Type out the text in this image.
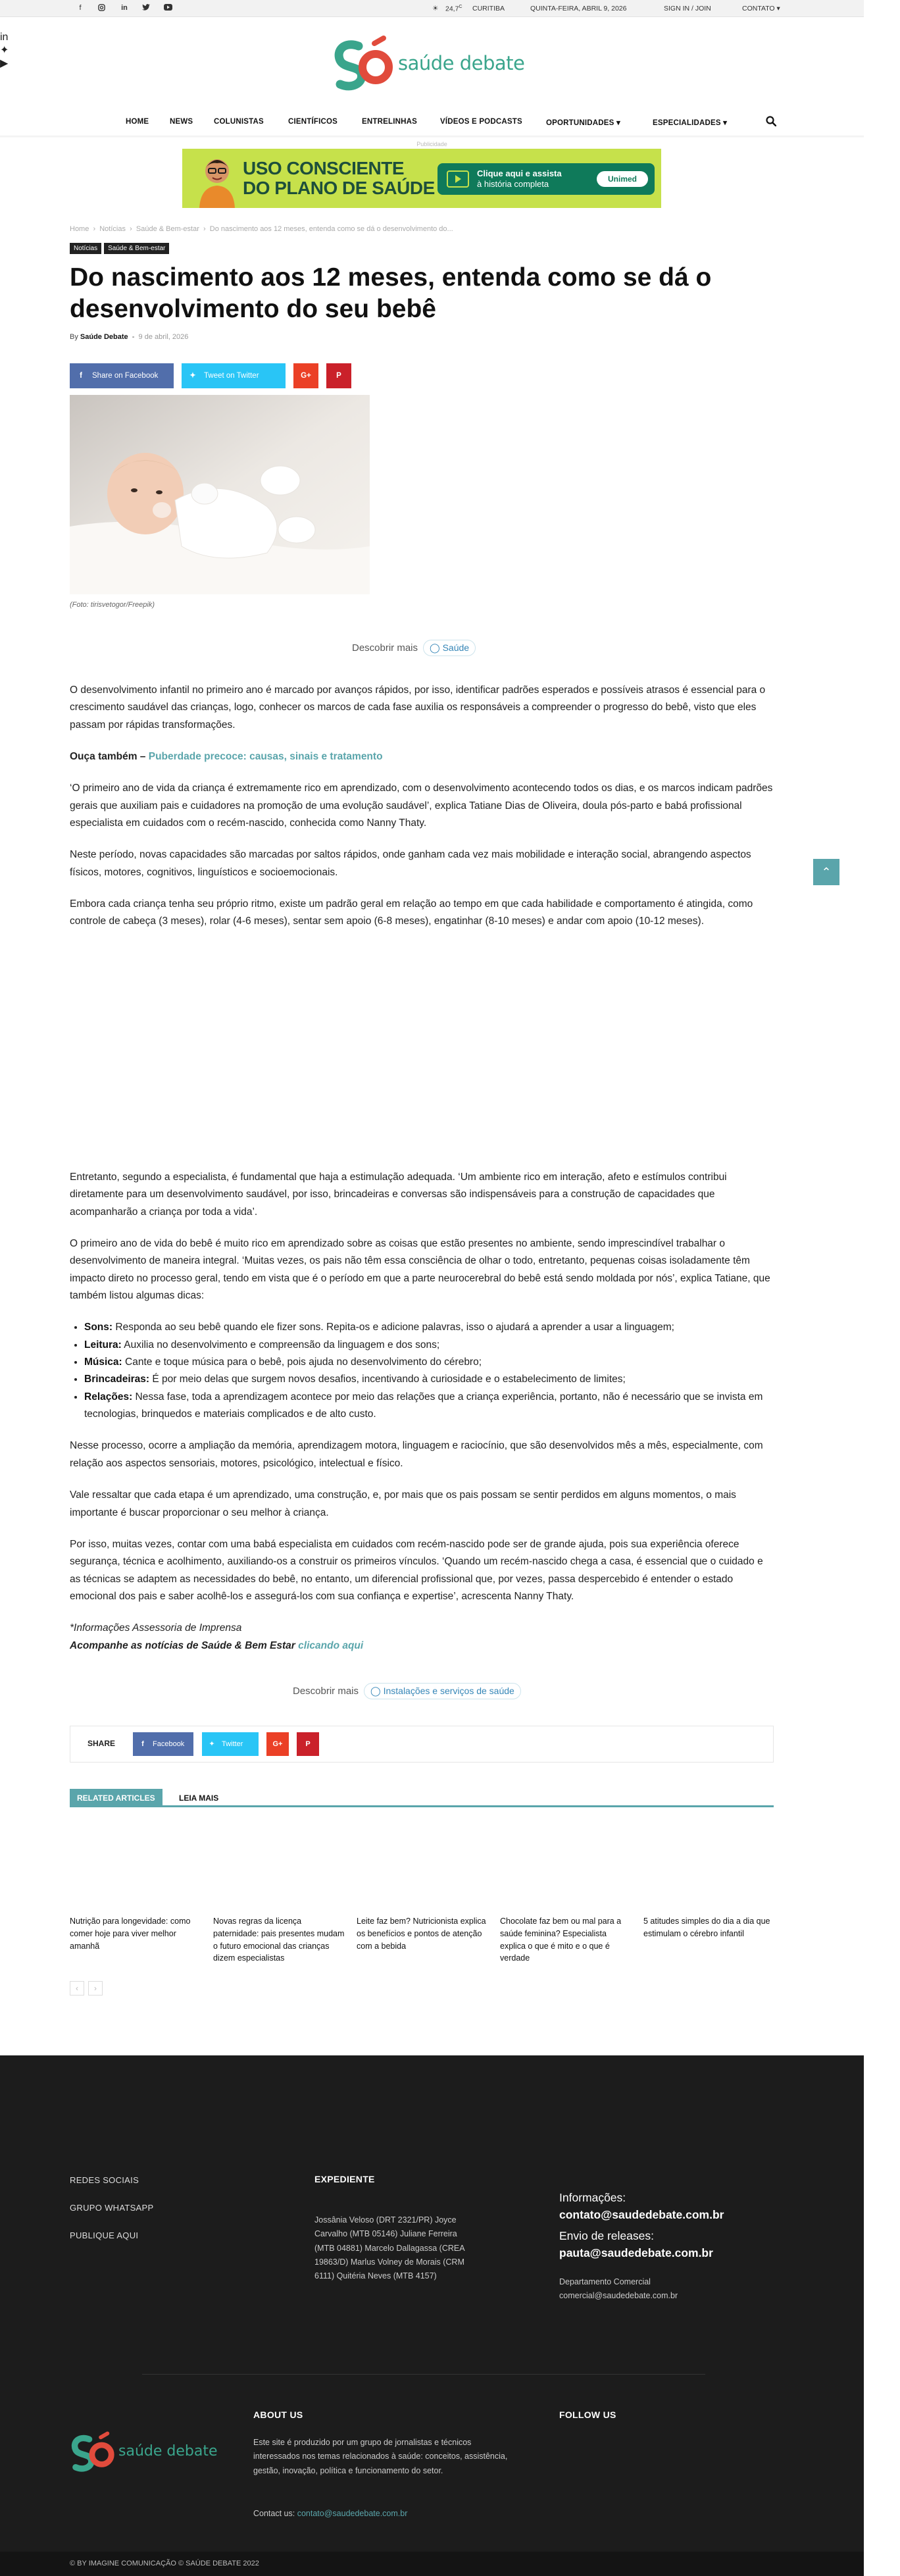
f	in	☀ $24,7^C$ CURITIBA	QUINTA-FEIRA, ABRIL 9, 2026	SIGN IN / JOIN	CONTATO ▾
saúde debate
HOME	NEWS	COLUNISTAS	CIENTÍFICOS	ENTRELINHAS	VÍDEOS E PODCASTS	OPORTUNIDADES ▾	ESPECIALIDADES ▾
Publicidade
USO CONSCIENTE
DO PLANO DE SAÚDE
Clique aqui e assista
à história completa
Unimed
Home  ›  Notícias  ›  Saúde & Bem-estar  ›  Do nascimento aos 12 meses, entenda como se dá o desenvolvimento do...
Notícias Saúde & Bem-estar
Do nascimento aos 12 meses, entenda como se dá o desenvolvimento do seu bebê
By Saúde Debate  -  9 de abril, 2026
f Share on Facebook	✦ Tweet on Twitter	G+	P
(Foto: tirisvetogor/Freepik)
Descobrir mais ◯ Saúde

O desenvolvimento infantil no primeiro ano é marcado por avanços rápidos, por isso, identificar padrões esperados e possíveis atrasos é essencial para o crescimento saudável das crianças, logo, conhecer os marcos de cada fase auxilia os responsáveis a compreender o progresso do bebê, visto que eles passam por rápidas transformações.

Ouça também – Puberdade precoce: causas, sinais e tratamento

‘O primeiro ano de vida da criança é extremamente rico em aprendizado, com o desenvolvimento acontecendo todos os dias, e os marcos indicam padrões gerais que auxiliam pais e cuidadores na promoção de uma evolução saudável’, explica Tatiane Dias de Oliveira, doula pós-parto e babá profissional especialista em cuidados com o recém-nascido, conhecida como Nanny Thaty.

Neste período, novas capacidades são marcadas por saltos rápidos, onde ganham cada vez mais mobilidade e interação social, abrangendo aspectos físicos, motores, cognitivos, linguísticos e socioemocionais.

Embora cada criança tenha seu próprio ritmo, existe um padrão geral em relação ao tempo em que cada habilidade e comportamento é atingida, como controle de cabeça (3 meses), rolar (4-6 meses), sentar sem apoio (6-8 meses), engatinhar (8-10 meses) e andar com apoio (10-12 meses).

Entretanto, segundo a especialista, é fundamental que haja a estimulação adequada. ‘Um ambiente rico em interação, afeto e estímulos contribui diretamente para um desenvolvimento saudável, por isso, brincadeiras e conversas são indispensáveis para a construção de capacidades que acompanharão a criança por toda a vida’.

O primeiro ano de vida do bebê é muito rico em aprendizado sobre as coisas que estão presentes no ambiente, sendo imprescindível trabalhar o desenvolvimento de maneira integral. ‘Muitas vezes, os pais não têm essa consciência de olhar o todo, entretanto, pequenas coisas isoladamente têm impacto direto no processo geral, tendo em vista que é o período em que a parte neurocerebral do bebê está sendo moldada por nós’, explica Tatiane, que também listou algumas dicas:

• Sons: Responda ao seu bebê quando ele fizer sons. Repita-os e adicione palavras, isso o ajudará a aprender a usar a linguagem;
• Leitura: Auxilia no desenvolvimento e compreensão da linguagem e dos sons;
• Música: Cante e toque música para o bebê, pois ajuda no desenvolvimento do cérebro;
• Brincadeiras: É por meio delas que surgem novos desafios, incentivando à curiosidade e o estabelecimento de limites;
• Relações: Nessa fase, toda a aprendizagem acontece por meio das relações que a criança experiência, portanto, não é necessário que se invista em tecnologias, brinquedos e materiais complicados e de alto custo.

Nesse processo, ocorre a ampliação da memória, aprendizagem motora, linguagem e raciocínio, que são desenvolvidos mês a mês, especialmente, com relação aos aspectos sensoriais, motores, psicológico, intelectual e físico.

Vale ressaltar que cada etapa é um aprendizado, uma construção, e, por mais que os pais possam se sentir perdidos em alguns momentos, o mais importante é buscar proporcionar o seu melhor à criança.

Por isso, muitas vezes, contar com uma babá especialista em cuidados com recém-nascido pode ser de grande ajuda, pois sua experiência oferece segurança, técnica e acolhimento, auxiliando-os a construir os primeiros vínculos. ‘Quando um recém-nascido chega a casa, é essencial que o cuidado e as técnicas se adaptem as necessidades do bebê, no entanto, um diferencial profissional que, por vezes, passa despercebido é entender o estado emocional dos pais e saber acolhê-los e assegurá-los com sua confiança e expertise’, acrescenta Nanny Thaty.

*Informações Assessoria de Imprensa
Acompanhe as notícias de Saúde & Bem Estar clicando aqui
Descobrir mais ◯ Instalações e serviços de saúde
SHARE	f Facebook	✦ Twitter	G+	P
RELATED ARTICLES	LEIA MAIS
Nutrição para longevidade: como comer hoje para viver melhor amanhã
Novas regras da licença paternidade: pais presentes mudam o futuro emocional das crianças dizem especialistas
Leite faz bem? Nutricionista explica os benefícios e pontos de atenção com a bebida
Chocolate faz bem ou mal para a saúde feminina? Especialista explica o que é mito e o que é verdade
5 atitudes simples do dia a dia que estimulam o cérebro infantil
‹	›
REDES SOCIAIS
GRUPO WHATSAPP
PUBLIQUE AQUI
EXPEDIENTE
Jossânia Veloso (DRT 2321/PR) Joyce Carvalho (MTB 05146) Juliane Ferreira (MTB 04881) Marcelo Dallagassa (CREA 19863/D) Marlus Volney de Morais (CRM 6111) Quitéria Neves (MTB 4157)
Informações:
contato@saudedebate.com.br
Envio de releases:
pauta@saudedebate.com.br
Departamento Comercial
comercial@saudedebate.com.br
saúde debate
ABOUT US
Este site é produzido por um grupo de jornalistas e técnicos interessados nos temas relacionados à saúde: conceitos, assistência, gestão, inovação, política e funcionamento do setor.
Contact us: contato@saudedebate.com.br
FOLLOW US
in
✦
▶
© BY IMAGINE COMUNICAÇÃO © SAÚDE DEBATE 2022
⌃
